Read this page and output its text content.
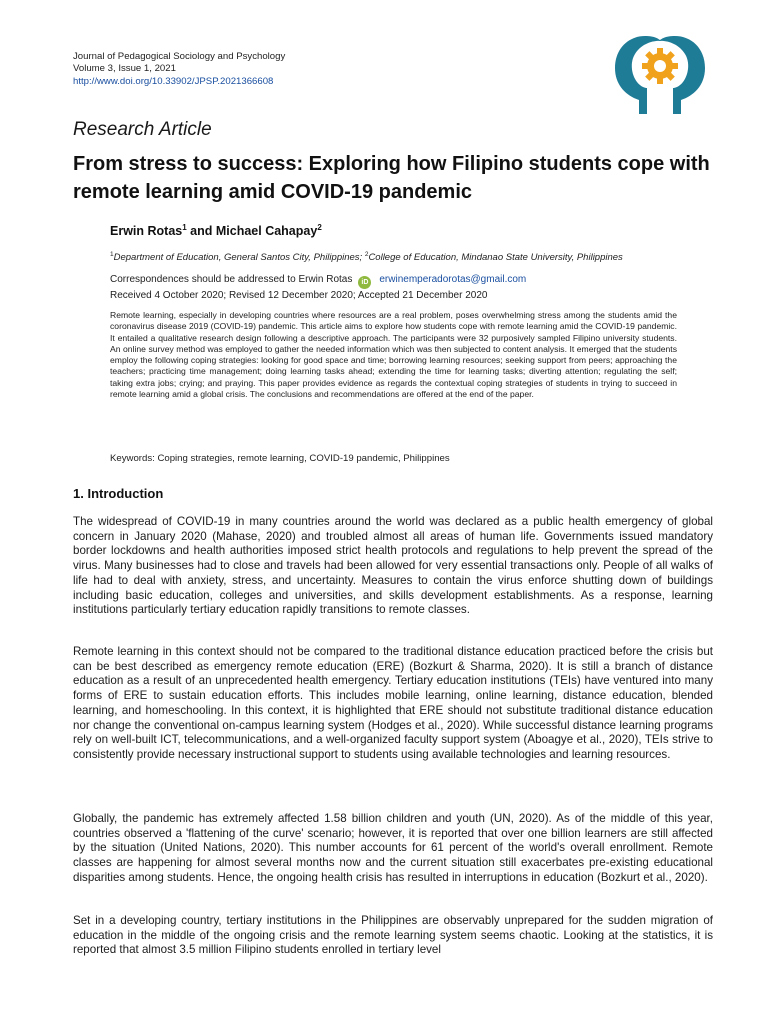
Journal of Pedagogical Sociology and Psychology
Volume 3, Issue 1, 2021
http://www.doi.org/10.33902/JPSP.2021366608
Research Article
From stress to success: Exploring how Filipino students cope with remote learning amid COVID-19 pandemic
Erwin Rotas$^1$ and Michael Cahapay$^2$
$^1$Department of Education, General Santos City, Philippines; $^2$College of Education, Mindanao State University, Philippines
Correspondences should be addressed to Erwin Rotas iD erwinemperadorotas@gmail.com
Received 4 October 2020; Revised 12 December 2020; Accepted 21 December 2020

Remote learning, especially in developing countries where resources are a real problem, poses overwhelming stress among the students amid the coronavirus disease 2019 (COVID-19) pandemic. This article aims to explore how students cope with remote learning amid the COVID-19 pandemic. It entailed a qualitative research design following a descriptive approach. The participants were 32 purposively sampled Filipino university students. An online survey method was employed to gather the needed information which was then subjected to content analysis. It emerged that the students employ the following coping strategies: looking for good space and time; borrowing learning resources; seeking support from peers; approaching the teachers; practicing time management; doing learning tasks ahead; extending the time for learning tasks; diverting attention; regulating the self; taking extra jobs; crying; and praying. This paper provides evidence as regards the contextual coping strategies of students in trying to succeed in remote learning amid a global crisis. The conclusions and recommendations are offered at the end of the paper.

Keywords: Coping strategies, remote learning, COVID-19 pandemic, Philippines
1. Introduction

The widespread of COVID-19 in many countries around the world was declared as a public health emergency of global concern in January 2020 (Mahase, 2020) and troubled almost all areas of human life. Governments issued mandatory border lockdowns and health authorities imposed strict health protocols and regulations to help prevent the spread of the virus. Many businesses had to close and travels had been allowed for very essential transactions only. People of all walks of life had to deal with anxiety, stress, and uncertainty. Measures to contain the virus enforce shutting down of buildings including basic education, colleges and universities, and skills development establishments. As a response, learning institutions particularly tertiary education rapidly transitions to remote classes.

Remote learning in this context should not be compared to the traditional distance education practiced before the crisis but can be best described as emergency remote education (ERE) (Bozkurt & Sharma, 2020). It is still a branch of distance education as a result of an unprecedented health emergency. Tertiary education institutions (TEIs) have ventured into many forms of ERE to sustain education efforts. This includes mobile learning, online learning, distance education, blended learning, and homeschooling. In this context, it is highlighted that ERE should not substitute traditional distance education nor change the conventional on-campus learning system (Hodges et al., 2020). While successful distance learning programs rely on well-built ICT, telecommunications, and a well-organized faculty support system (Aboagye et al., 2020), TEIs strive to consistently provide necessary instructional support to students using available technologies and learning resources.

Globally, the pandemic has extremely affected 1.58 billion children and youth (UN, 2020). As of the middle of this year, countries observed a 'flattening of the curve' scenario; however, it is reported that over one billion learners are still affected by the situation (United Nations, 2020). This number accounts for 61 percent of the world's overall enrollment. Remote classes are happening for almost several months now and the current situation still exacerbates pre-existing educational disparities among students. Hence, the ongoing health crisis has resulted in interruptions in education (Bozkurt et al., 2020).

Set in a developing country, tertiary institutions in the Philippines are observably unprepared for the sudden migration of education in the middle of the ongoing crisis and the remote learning system seems chaotic. Looking at the statistics, it is reported that almost 3.5 million Filipino students enrolled in tertiary level
